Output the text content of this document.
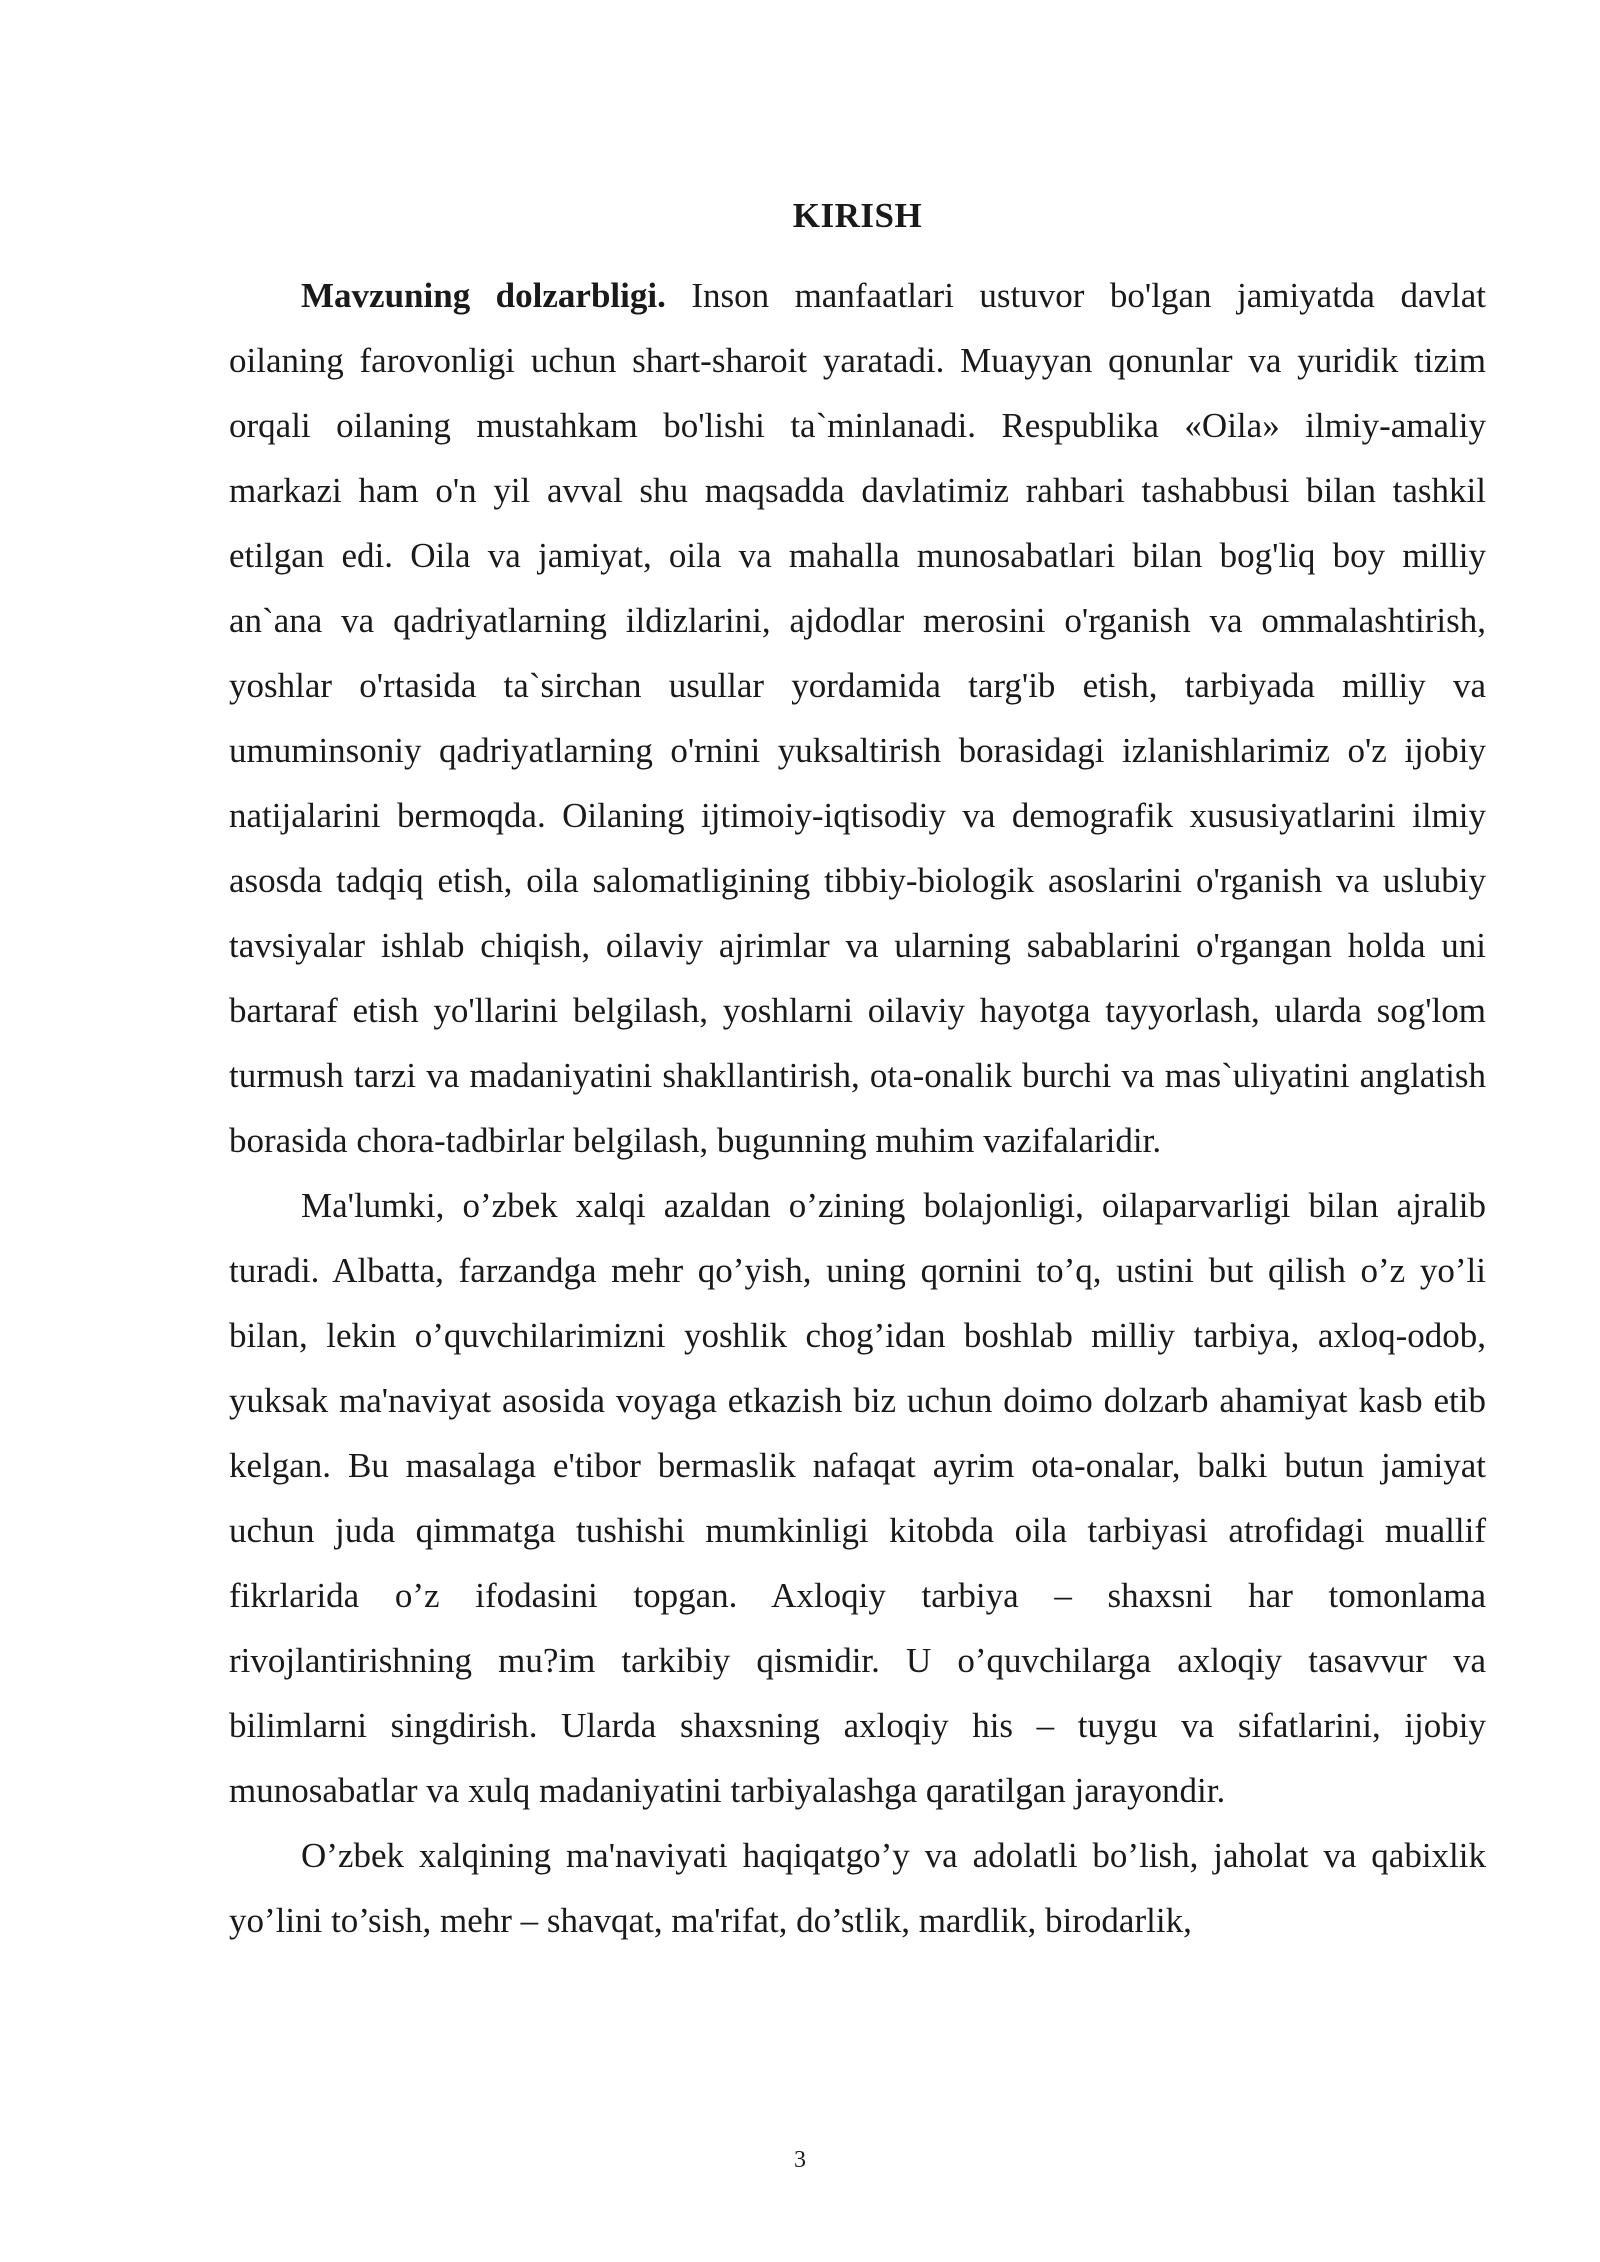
KIRISH

Mavzuning dolzarbligi. Inson manfaatlari ustuvor bo'lgan jamiyatda davlat oilaning farovonligi uchun shart-sharoit yaratadi. Muayyan qonunlar va yuridik tizim orqali oilaning mustahkam bo'lishi ta`minlanadi. Respublika «Oila» ilmiy-amaliy markazi ham o'n yil avval shu maqsadda davlatimiz rahbari tashabbusi bilan tashkil etilgan edi. Oila va jamiyat, oila va mahalla munosabatlari bilan bog'liq boy milliy an`ana va qadriyatlarning ildizlarini, ajdodlar merosini o'rganish va ommalashtirish, yoshlar o'rtasida ta`sirchan usullar yordamida targ'ib etish, tarbiyada milliy va umuminsoniy qadriyatlarning o'rnini yuksaltirish borasidagi izlanishlarimiz o'z ijobiy natijalarini bermoqda. Oilaning ijtimoiy-iqtisodiy va demografik xususiyatlarini ilmiy asosda tadqiq etish, oila salomatligining tibbiy-biologik asoslarini o'rganish va uslubiy tavsiyalar ishlab chiqish, oilaviy ajrimlar va ularning sabablarini o'rgangan holda uni bartaraf etish yo'llarini belgilash, yoshlarni oilaviy hayotga tayyorlash, ularda sog'lom turmush tarzi va madaniyatini shakllantirish, ota-onalik burchi va mas`uliyatini anglatish borasida chora-tadbirlar belgilash, bugunning muhim vazifalaridir.

Ma'lumki, o’zbek xalqi azaldan o’zining bolajonligi, oilaparvarligi bilan ajralib turadi. Albatta, farzandga mehr qo’yish, uning qornini to’q, ustini but qilish o’z yo’li bilan, lekin o’quvchilarimizni yoshlik chog’idan boshlab milliy tarbiya, axloq-odob, yuksak ma'naviyat asosida voyaga etkazish biz uchun doimo dolzarb ahamiyat kasb etib kelgan. Bu masalaga e'tibor bermaslik nafaqat ayrim ota-onalar, balki butun jamiyat uchun juda qimmatga tushishi mumkinligi kitobda oila tarbiyasi atrofidagi muallif fikrlarida o’z ifodasini topgan. Axloqiy tarbiya – shaxsni har tomonlama rivojlantirishning mu?im tarkibiy qismidir. U o’quvchilarga axloqiy tasavvur va bilimlarni singdirish. Ularda shaxsning axloqiy his – tuygu va sifatlarini, ijobiy munosabatlar va xulq madaniyatini tarbiyalashga qaratilgan jarayondir.

O’zbek xalqining ma'naviyati haqiqatgo’y va adolatli bo’lish, jaholat va qabixlik yo’lini to’sish, mehr – shavqat, ma'rifat, do’stlik, mardlik, birodarlik,

3
